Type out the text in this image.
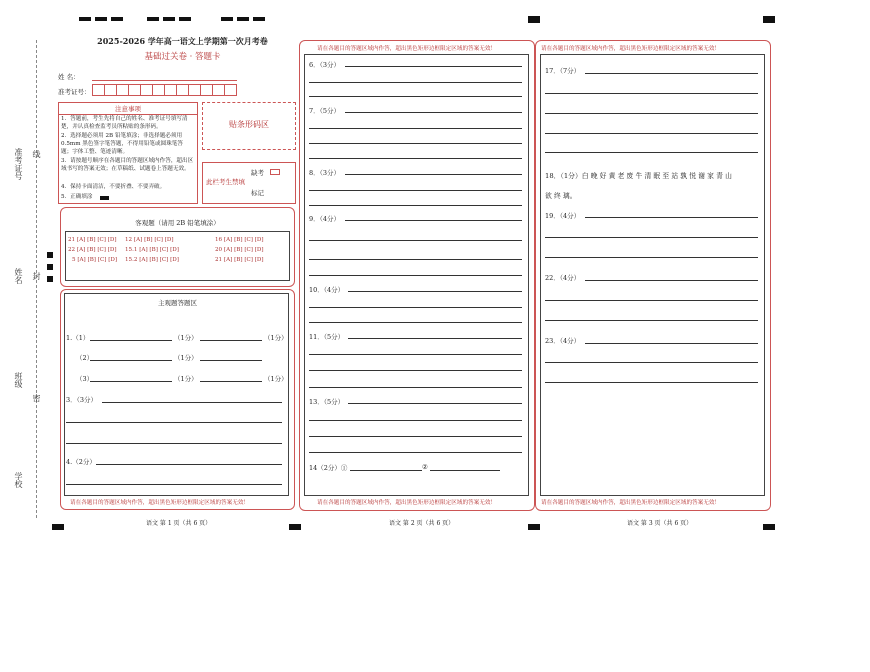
准考证号 线
姓名 封
班级
密
学校
2025-2026 学年高一语文上学期第一次月考卷
基础过关卷 · 答题卡
姓 名：
准考证号：
注意事项
1．答题前，考生先将自己的姓名、准考证号填写清楚，并认真检查监考员所粘贴的条形码。
2．选择题必须用 2B 铅笔填涂；非选择题必须用 0.5mm 黑色签字笔答题，不得用铅笔或圆珠笔答题；字体工整、笔迹清晰。
3．请按题号顺序在各题目的答题区域内作答，超出区域书写的答案无效；在草稿纸、试题卷上答题无效。
4．保持卡面清洁，不要折叠、不要弄破。
5．正确填涂
贴条形码区
缺考
此栏考生禁填
标记
客观题（请用 2B 铅笔填涂）
21 [A] [B] [C] [D] 12 [A] [B] [C] [D]	16 [A] [B] [C] [D]
22 [A] [B] [C] [D] 15.1 [A] [B] [C] [D]	20 [A] [B] [C] [D]
5 [A] [B] [C] [D] 15.2 [A] [B] [C] [D]	21 [A] [B] [C] [D]
主观题答题区
1.（1）	（1分）	（1分）
（2）	（1分）
（3）	（1分）	（1分）
3．（3分）
4.（2分）
请在各题目的答题区域内作答，超出黑色矩形边框限定区域的答案无效！
语文 第 1 页（共 6 页）
请在各题目的答题区域内作答，超出黑色矩形边框限定区域的答案无效！
6．（3分）
7．（5分）
8．（3分）
9．（4分）
10．（4分）
11．（5分）
13．（5分）
14（2分）①	②
请在各题目的答题区域内作答，超出黑色矩形边框限定区域的答案无效！
语文 第 2 页（共 6 页）
请在各题目的答题区域内作答，超出黑色矩形边框限定区域的答案无效！
17．（7分）
18．（1分）白 晚 好 黄 老 废 牛 清 眠 至 站 孰 悦 谢 家 青 山
欲 终 璃。
19．（4分）
22．（4分）
23．（4分）
请在各题目的答题区域内作答，超出黑色矩形边框限定区域的答案无效！
语文 第 3 页（共 6 页）
